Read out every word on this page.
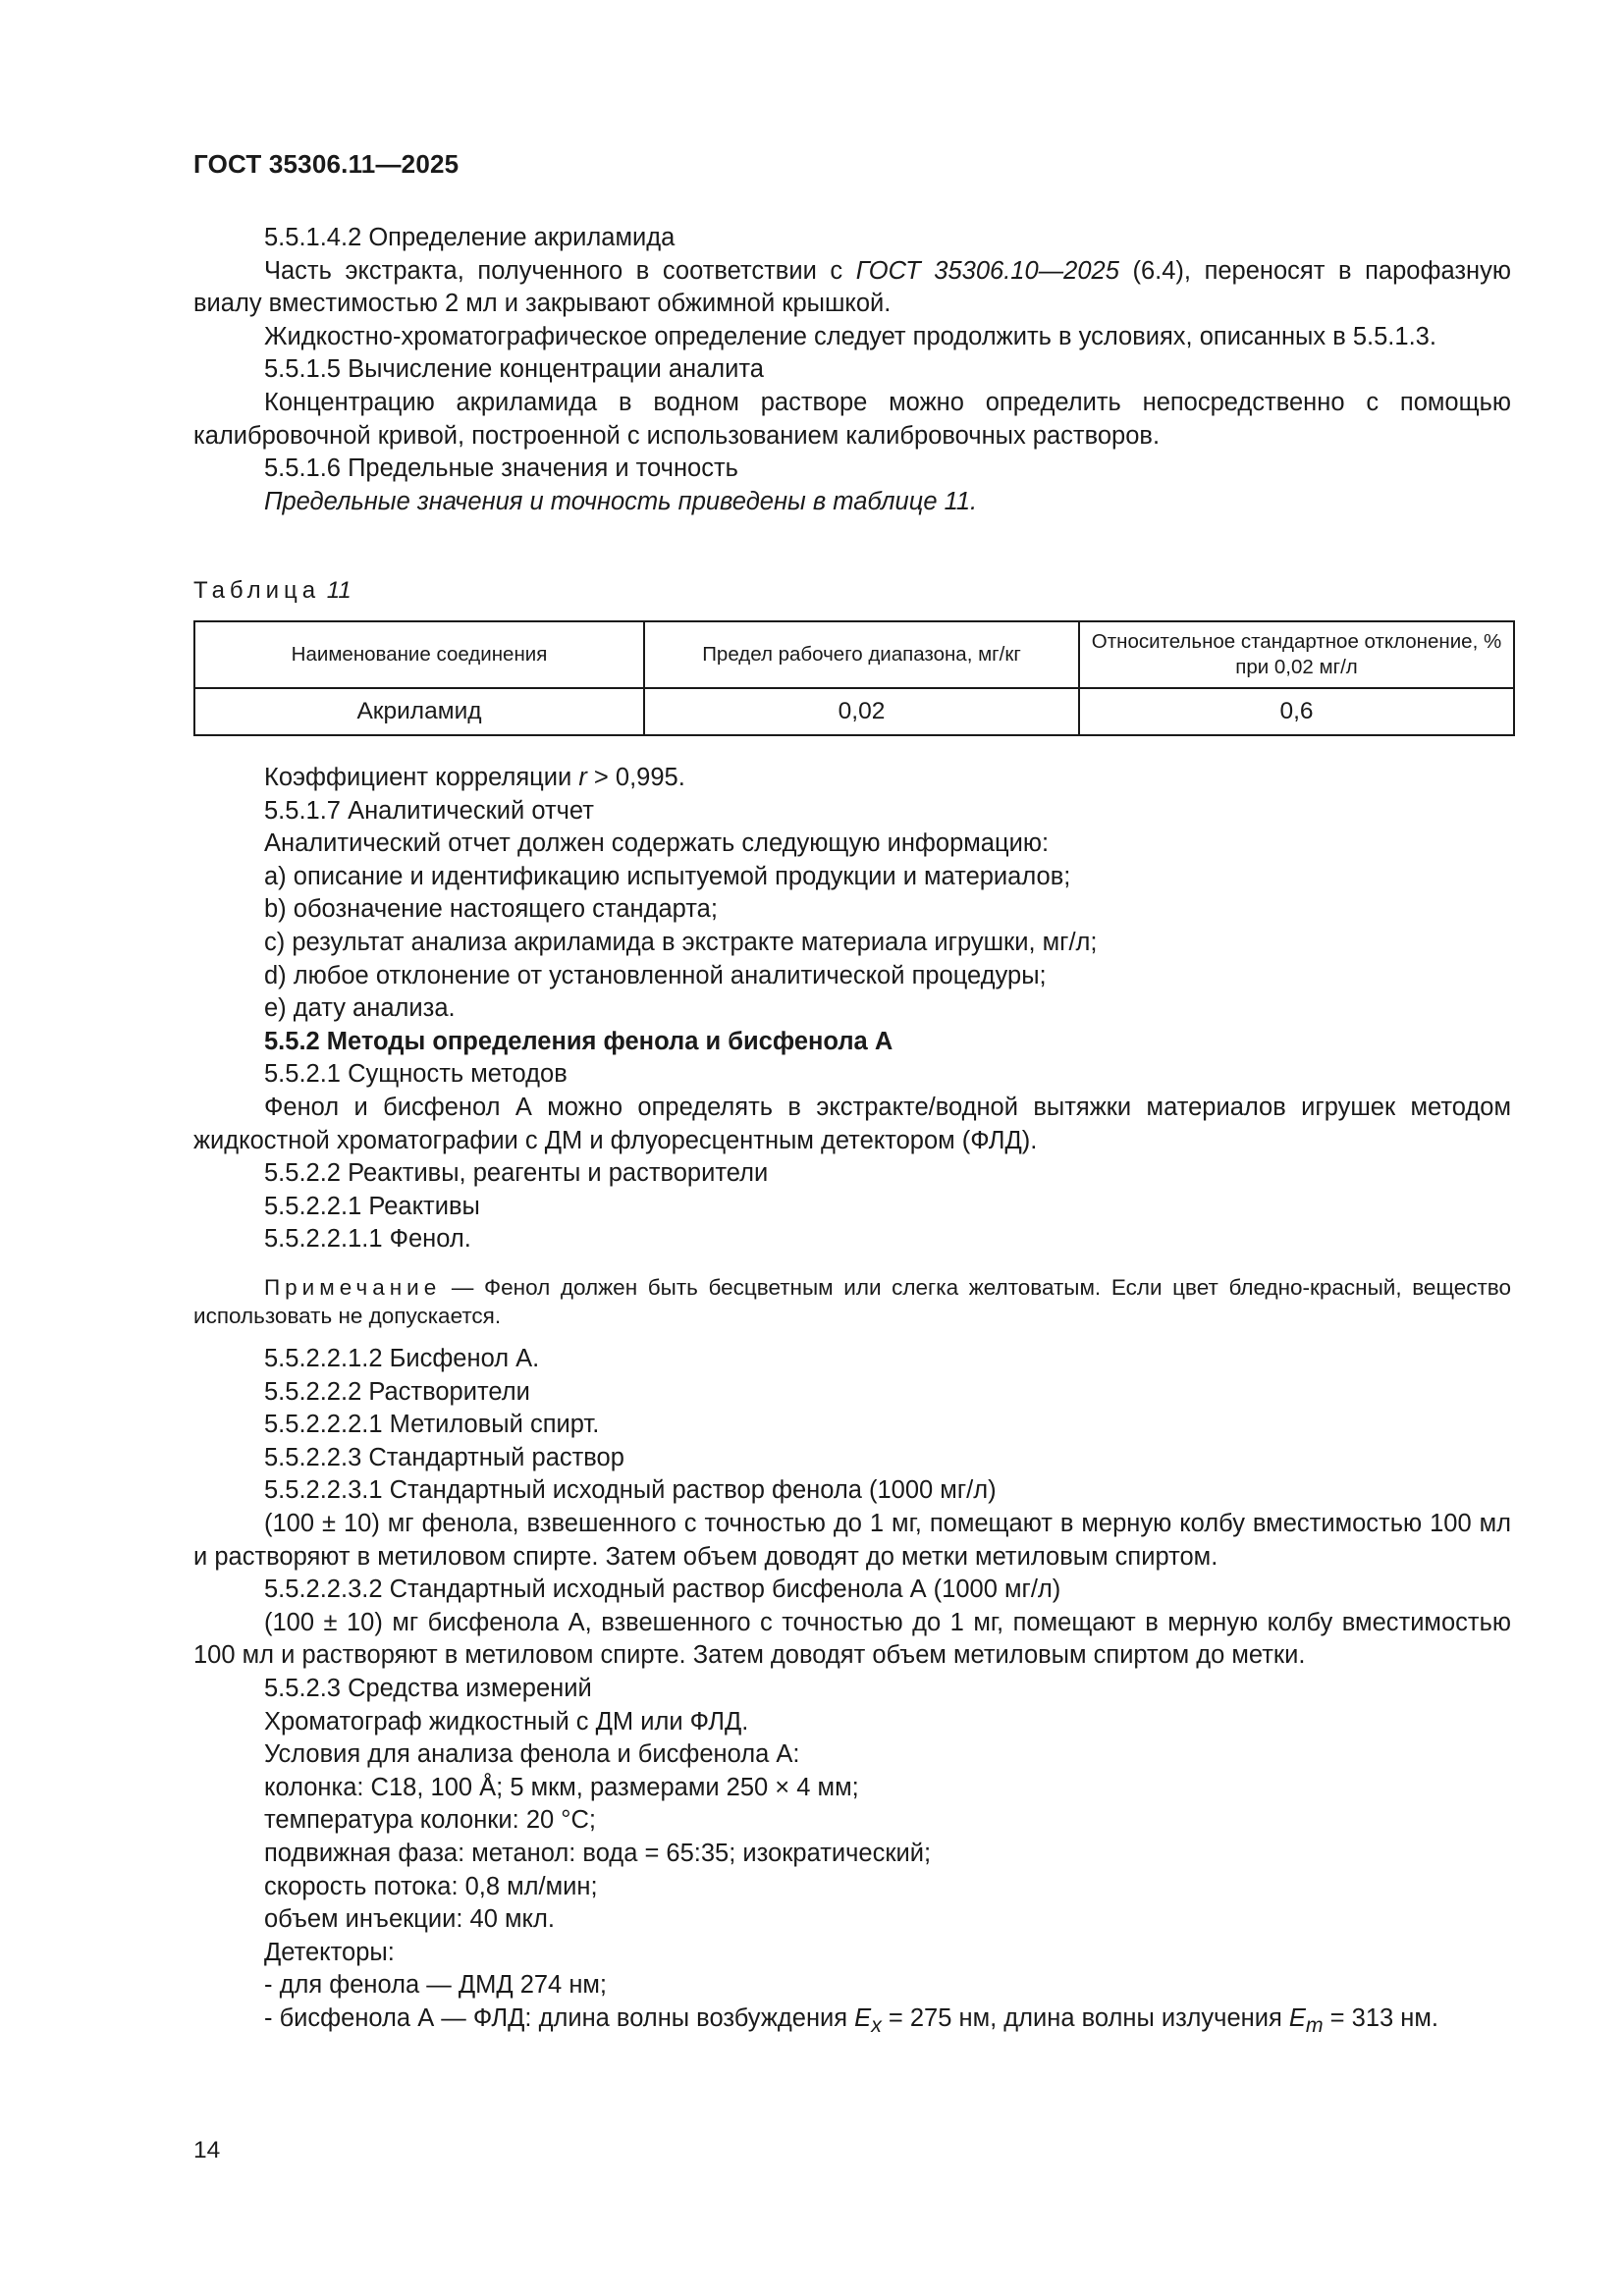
ГОСТ 35306.11—2025

5.5.1.4.2 Определение акриламида

Часть экстракта, полученного в соответствии с ГОСТ 35306.10—2025 (6.4), переносят в парофазную виалу вместимостью 2 мл и закрывают обжимной крышкой.

Жидкостно-хроматографическое определение следует продолжить в условиях, описанных в 5.5.1.3.

5.5.1.5 Вычисление концентрации аналита

Концентрацию акриламида в водном растворе можно определить непосредственно с помощью калибровочной кривой, построенной с использованием калибровочных растворов.

5.5.1.6 Предельные значения и точность

Предельные значения и точность приведены в таблице 11.

Таблица 11
Наименование соединения	Предел рабочего диапазона, мг/кг	Относительное стандартное отклонение, % при 0,02 мг/л
Акриламид	0,02	0,6

Коэффициент корреляции r > 0,995.

5.5.1.7 Аналитический отчет

Аналитический отчет должен содержать следующую информацию:

a) описание и идентификацию испытуемой продукции и материалов;

b) обозначение настоящего стандарта;

c) результат анализа акриламида в экстракте материала игрушки, мг/л;

d) любое отклонение от установленной аналитической процедуры;

e) дату анализа.

5.5.2 Методы определения фенола и бисфенола А

5.5.2.1 Сущность методов

Фенол и бисфенол А можно определять в экстракте/водной вытяжки материалов игрушек методом жидкостной хроматографии с ДМ и флуоресцентным детектором (ФЛД).

5.5.2.2 Реактивы, реагенты и растворители

5.5.2.2.1 Реактивы

5.5.2.2.1.1 Фенол.

Примечание — Фенол должен быть бесцветным или слегка желтоватым. Если цвет бледно-красный, вещество использовать не допускается.

5.5.2.2.1.2 Бисфенол А.

5.5.2.2.2 Растворители

5.5.2.2.2.1 Метиловый спирт.

5.5.2.2.3 Стандартный раствор

5.5.2.2.3.1 Стандартный исходный раствор фенола (1000 мг/л)

(100 ± 10) мг фенола, взвешенного с точностью до 1 мг, помещают в мерную колбу вместимостью 100 мл и растворяют в метиловом спирте. Затем объем доводят до метки метиловым спиртом.

5.5.2.2.3.2 Стандартный исходный раствор бисфенола А (1000 мг/л)

(100 ± 10) мг бисфенола А, взвешенного с точностью до 1 мг, помещают в мерную колбу вместимостью 100 мл и растворяют в метиловом спирте. Затем доводят объем метиловым спиртом до метки.

5.5.2.3 Средства измерений

Хроматограф жидкостный с ДМ или ФЛД.

Условия для анализа фенола и бисфенола А:

колонка: C18, 100 Å; 5 мкм, размерами 250 × 4 мм;

температура колонки: 20 °C;

подвижная фаза: метанол: вода = 65:35; изократический;

скорость потока: 0,8 мл/мин;

объем инъекции: 40 мкл.

Детекторы:

- для фенола — ДМД 274 нм;

- бисфенола А — ФЛД: длина волны возбуждения $E_x = 275$ нм, длина волны излучения $E_m = 313$ нм.

14
